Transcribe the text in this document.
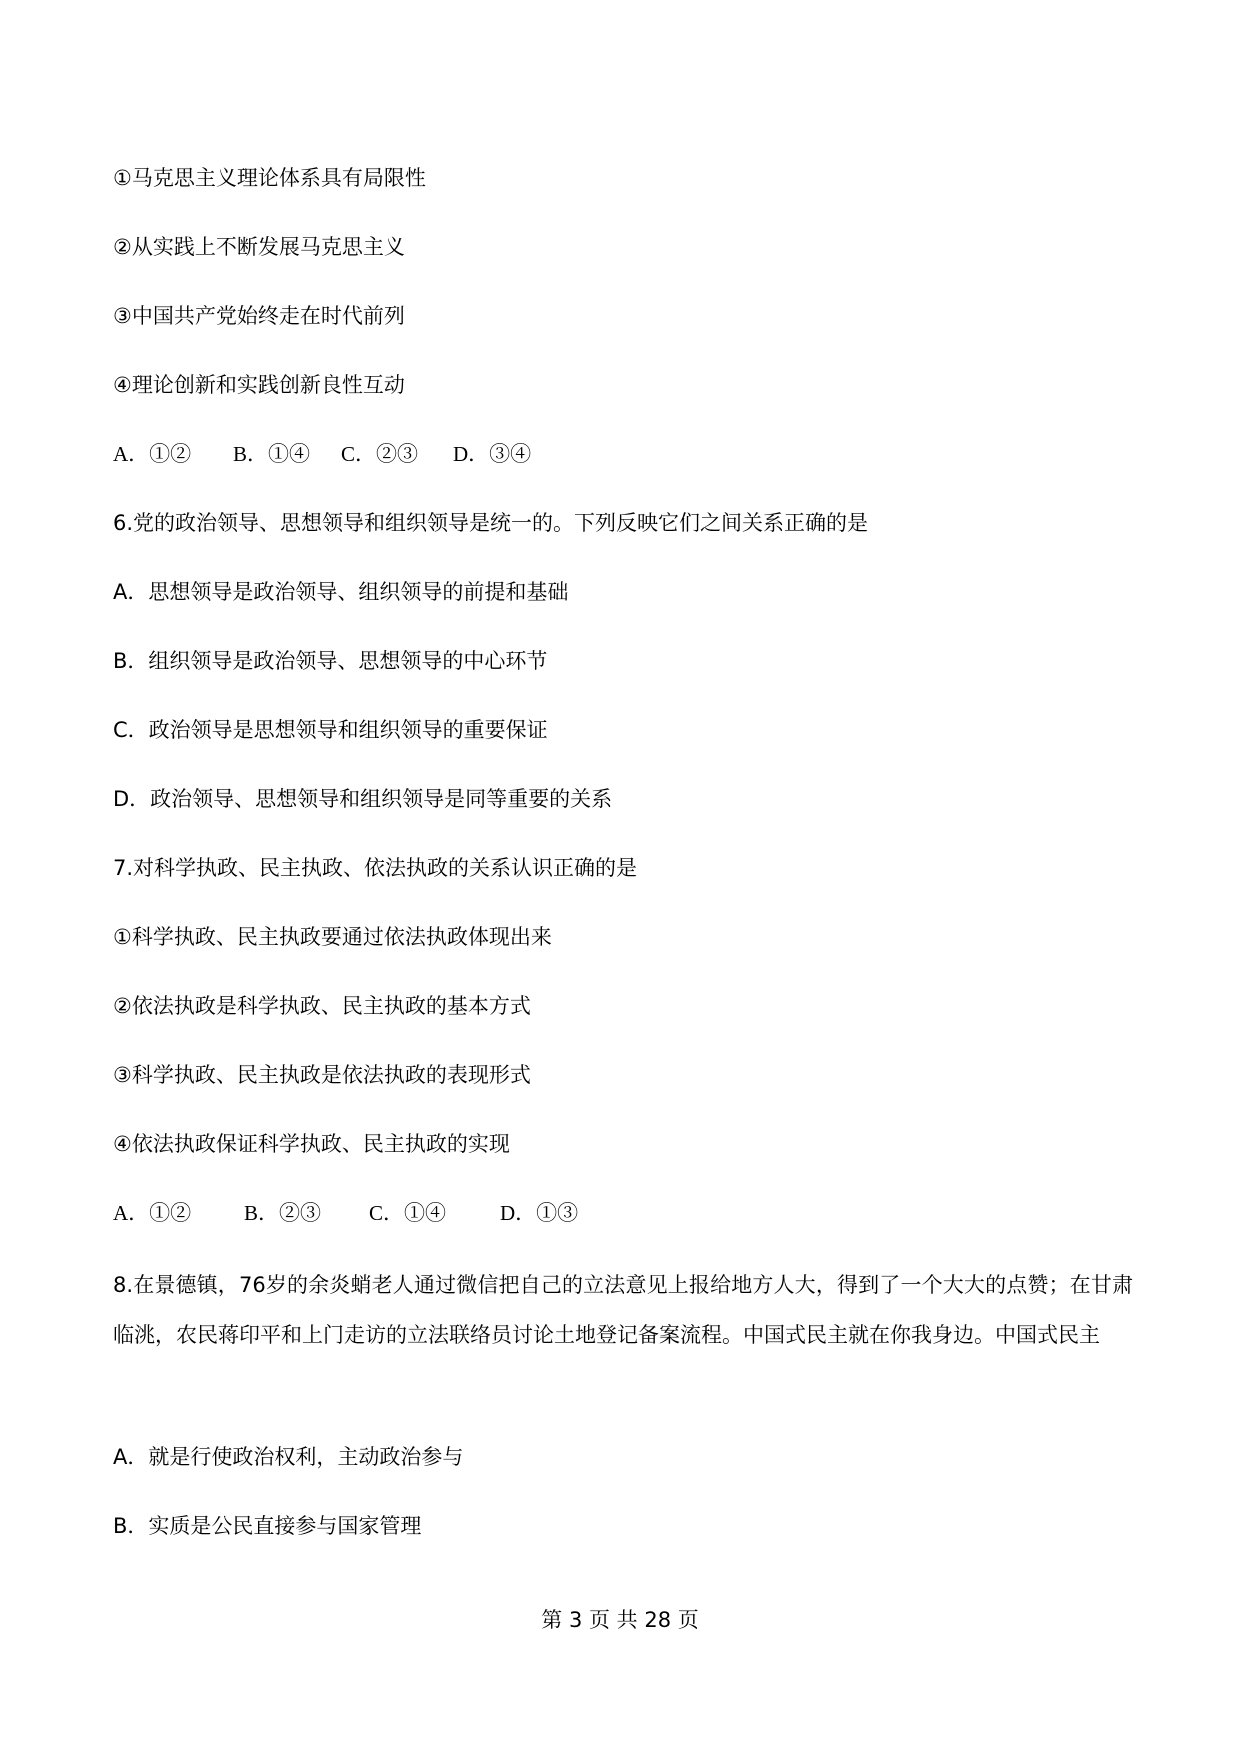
①马克思主义理论体系具有局限性
②从实践上不断发展马克思主义
③中国共产党始终走在时代前列
④理论创新和实践创新良性互动
A．①② B．①④ C．②③ D．③④
6.党的政治领导、思想领导和组织领导是统一的。下列反映它们之间关系正确的是
A．思想领导是政治领导、组织领导的前提和基础
B．组织领导是政治领导、思想领导的中心环节
C．政治领导是思想领导和组织领导的重要保证
D．政治领导、思想领导和组织领导是同等重要的关系
7.对科学执政、民主执政、依法执政的关系认识正确的是
①科学执政、民主执政要通过依法执政体现出来
②依法执政是科学执政、民主执政的基本方式
③科学执政、民主执政是依法执政的表现形式
④依法执政保证科学执政、民主执政的实现
A．①②	B．②③ C．①④	D．①③
8.在景德镇，76岁的余炎蛸老人通过微信把自己的立法意见上报给地方人大，得到了一个大大的点赞；在甘肃临洮，农民蒋印平和上门走访的立法联络员讨论土地登记备案流程。中国式民主就在你我身边。中国式民主
A．就是行使政治权利，主动政治参与
B．实质是公民直接参与国家管理
第 3 页 共 28 页
